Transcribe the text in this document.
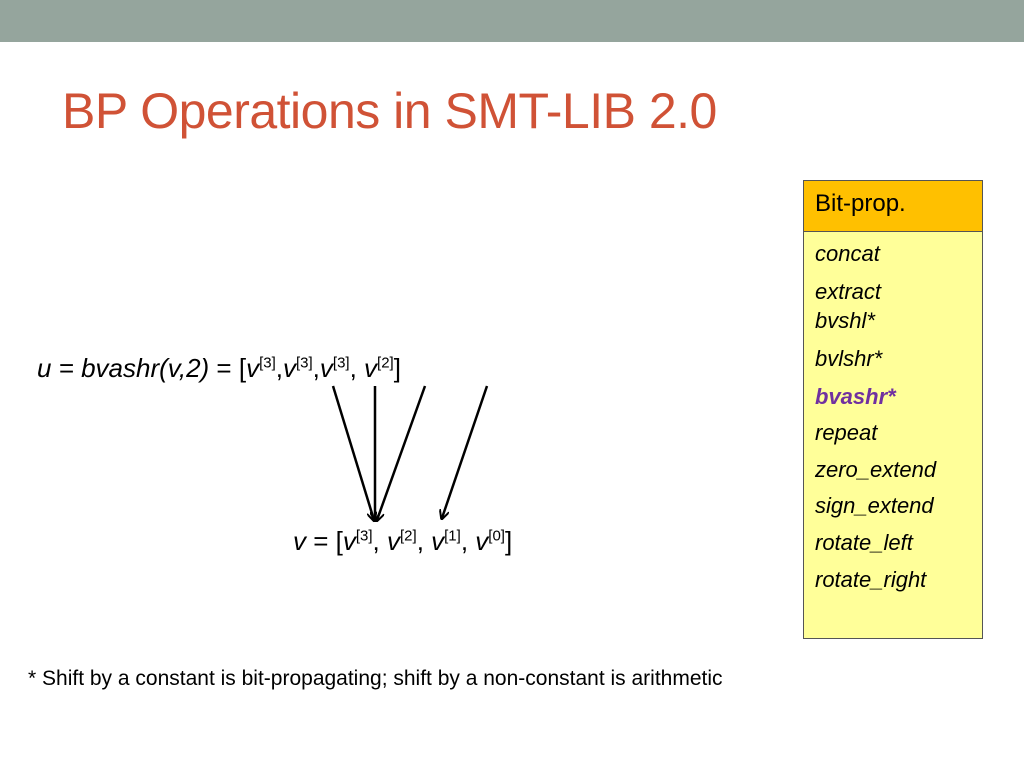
BP Operations in SMT-LIB 2.0
Bit-prop.
concat
extract
bvshl*
bvlshr*
bvashr*
repeat
zero_extend
sign_extend
rotate_left
rotate_right
u = bvashr(v,2) = [v[3],v[3],v[3], v[2]]
v = [v[3], v[2], v[1], v[0]]
* Shift by a constant is bit-propagating; shift by a non-constant is arithmetic
